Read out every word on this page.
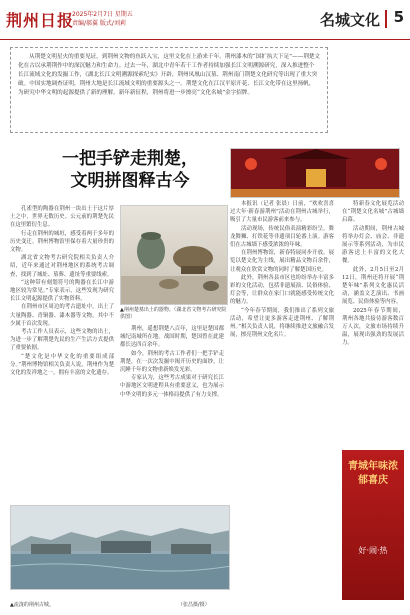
荆州日报
2025年2月7日 星期五
责编/郝翼 版式/刘莉	名城文化 5
从荆楚文明星火的重要见证，到荆州文物的鱼跃入宝，这里文化在上游来千年。荆州漆木的“国扩执大下足”——荆楚文化在古以承荆荆作中的深沉魅力和生命力。过去一年，湖北中青年若干工作者持续加强长江文明溯源研究，深入推进整个长江流域文化的发掘工作，《湖北长江文明溯源探索纪实》开辟，荆州凤凰山汉墓、荆州南门荆楚文化研究等出现了重大突破。中国实地调查证明，荆州大地是长江流域文明的重要源头之一。荆楚文化在江汉平原开花、长江文化带在这里扬帆，为研究中华文明的起源提供了新的理解。新年新征程，荆州将进一步擦亮“文化名城”金字招牌。
一把手铲走荆楚，
文明拼图释古今

孔雀型的陶器在荆州一块出土于这片厚土之中，世界无数历史。公元前的荆楚先民在这里繁衍生息。

行走在荆州的城垣，感受着两千多年的历史变迁。荆州博物馆里保存着大量珍贵的文物。

湖北省文物考古研究院相关负责人介绍，近年来通过对荆州地区的系统考古调查，找到了城址、墓葬、遗址等重要线索。

“这种带有刻划符号的陶器在长江中游地区较为常见。”专家表示，这些发现为研究长江文明起源提供了实物资料。

在荆州市区周边的考古遗址中，出土了大量陶器、青铜器、漆木器等文物，其中不少属于首次发现。

考古工作人员表示，这些文物的出土，为进一步了解荆楚先民的生产生活方式提供了重要依据。

“楚文化是中华文化的重要组成部分。”荆州博物馆相关负责人说，荆州作为楚文化的发祥地之一，拥有丰富的文化遗存。

▲荆州楚墓出土的器物。（湖北省文物考古研究院 供图）

荆州，遥想荆楚八百年，这里是楚国都城纪南城所在地。战国时期，楚国曾在此建都长达四百余年。

如今，荆州的考古工作者们一把手铲走荆楚，在一次次发掘中揭开历史的面纱，让沉睡千年的文物重新焕发光彩。

专家认为，这些考古成果对于研究长江中游地区文明进程具有重要意义，也为展示中华文明的多元一体格局提供了有力支撑。

本报讯（记者 张晨）日前，“欢欢喜喜过大年·新春游荆州”活动在荆州古城举行，吸引了大量市民游客前来参与。

活动现场，传统民俗表演精彩纷呈，舞龙舞狮、打铁花等非遗项目轮番上演。游客们在古城墙下感受浓浓的年味。

在荆州博物馆，新春特展同步开放。展览以楚文化为主线，展出精品文物百余件，让观众在欣赏文物的同时了解楚国历史。

此外，荆州各县市区也纷纷举办丰富多彩的文化活动，包括非遗展演、民俗体验、灯会等，让群众在家门口就能感受传统文化的魅力。

“今年春节期间，我们推出了系列文旅活动，希望让更多游客走进荆州、了解荆州。”相关负责人说，将继续推进文旅融合发展，擦亮荆州文化名片。

特新春文化展览活动在“荆楚文化名城”古城墙启幕。

活动期间，荆州古城将举办灯会、庙会、非遗展示等系列活动，为市民游客送上丰富的文化大餐。

此外，2月5日至2月12日，荆州还将开展“荆楚年味”系列文化惠民活动，涵盖文艺演出、书画展览、民俗体验等内容。

2025年春节期间，荆州各地共接待游客数百万人次，文旅市场持续升温，展现出强劲的发展活力。

青城年味浓郁喜庆
好·闹·热
▲流泷的荆州古城。	（张昌摄/摄）
